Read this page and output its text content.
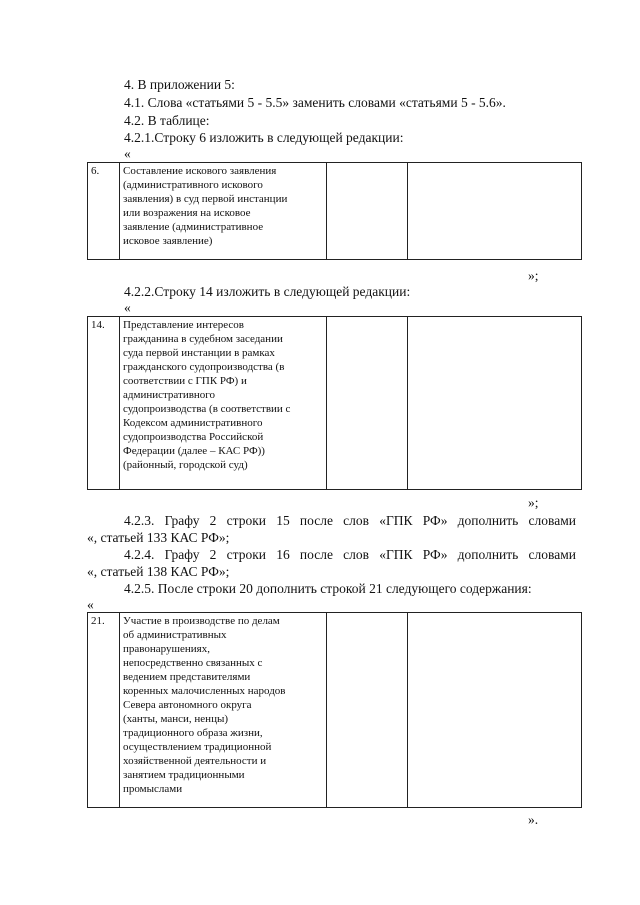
4. В приложении 5:
4.1. Слова «статьями 5 - 5.5» заменить словами «статьями 5 - 5.6».
4.2. В таблице:
4.2.1.Строку 6 изложить в следующей редакции:
«
6.	Составление искового заявления
(административного искового
заявления) в суд первой инстанции
или возражения на исковое
заявление (административное
исковое заявление)		
»;
4.2.2.Строку 14 изложить в следующей редакции:
«
14.	Представление интересов
гражданина в судебном заседании
суда первой инстанции в рамках
гражданского судопроизводства (в
соответствии с ГПК РФ) и
административного
судопроизводства (в соответствии с
Кодексом административного
судопроизводства Российской
Федерации (далее – КАС РФ))
(районный, городской суд)		
»;
4.2.3. Графу 2 строки 15 после слов «ГПК РФ» дополнить словами
«, статьей 133 КАС РФ»;
4.2.4. Графу 2 строки 16 после слов «ГПК РФ» дополнить словами
«, статьей 138 КАС РФ»;
4.2.5. После строки 20 дополнить строкой 21 следующего содержания:
«
21.	Участие в производстве по делам
об административных
правонарушениях,
непосредственно связанных с
ведением представителями
коренных малочисленных народов
Севера автономного округа
(ханты, манси, ненцы)
традиционного образа жизни,
осуществлением традиционной
хозяйственной деятельности и
занятием традиционными
промыслами		
».
